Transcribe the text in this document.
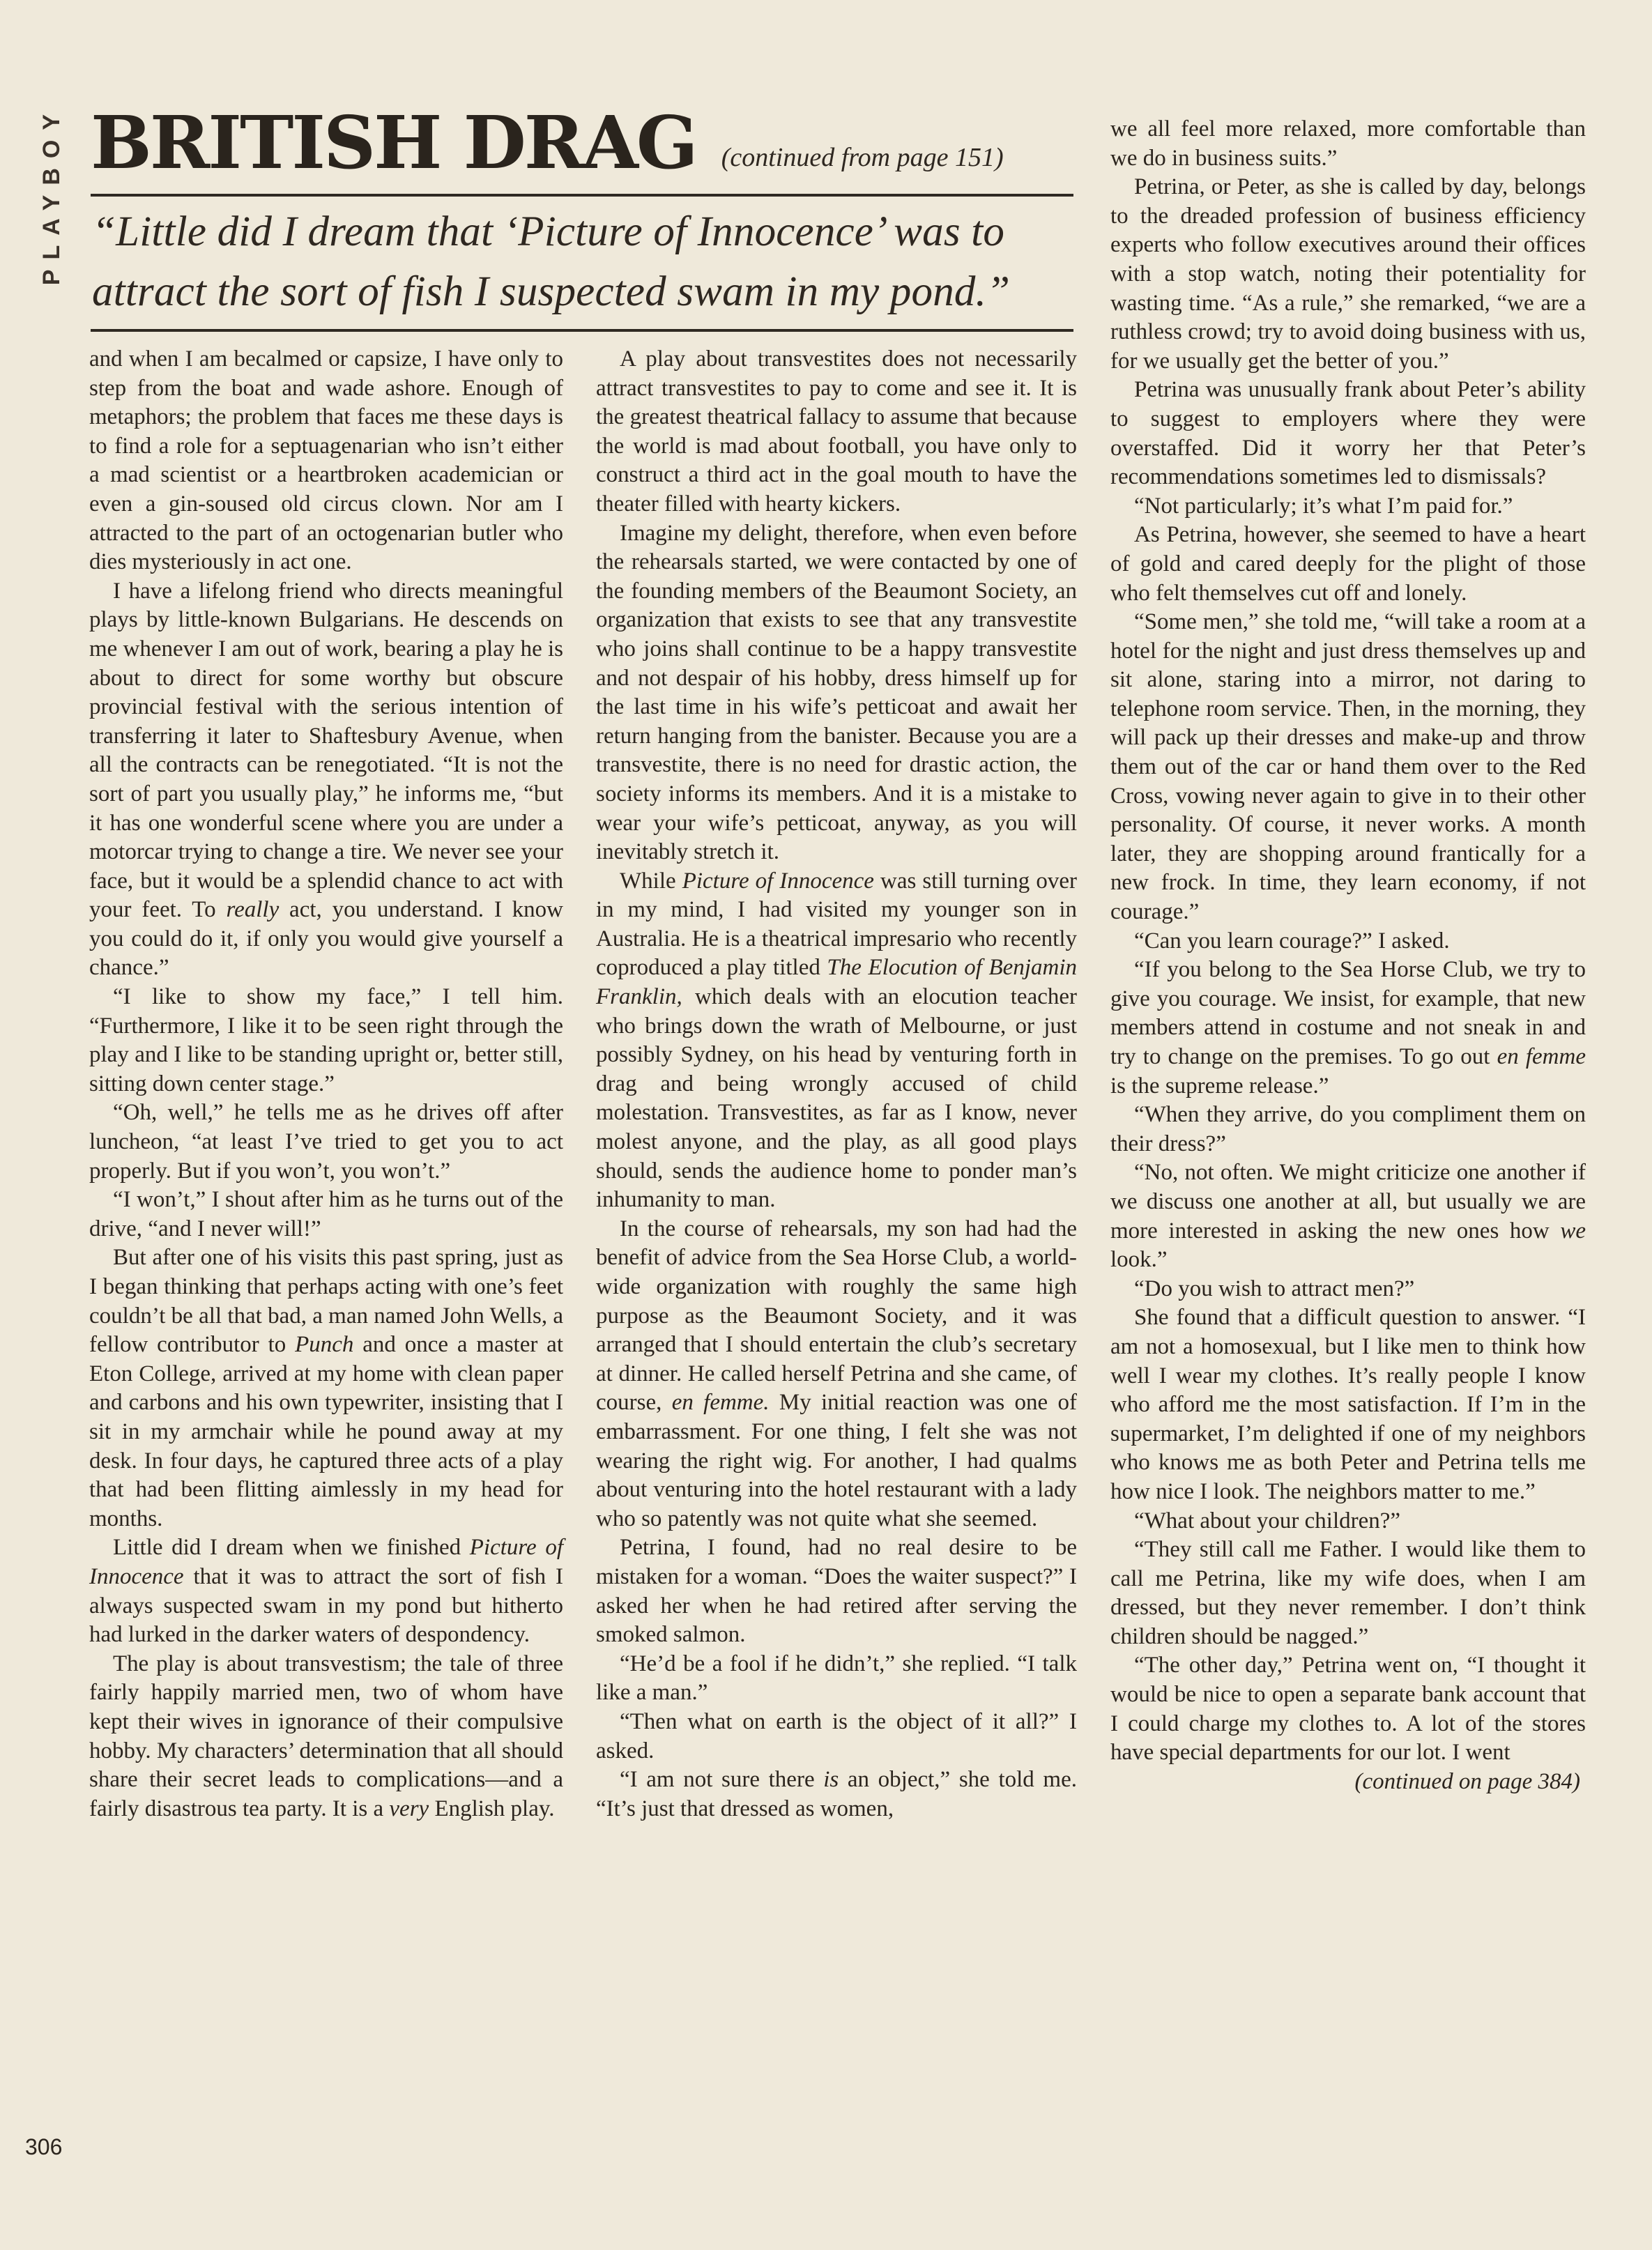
PLAYBOY BRITISH DRAG (continued from page 151)
“Little did I dream that ‘Picture of Innocence’ was to attract the sort of fish I suspected swam in my pond.”

and when I am becalmed or capsize, I have only to step from the boat and wade ashore. Enough of metaphors; the problem that faces me these days is to find a role for a septuagenarian who isn’t either a mad scientist or a heartbroken academician or even a gin-soused old circus clown. Nor am I attracted to the part of an octogenarian butler who dies mysteriously in act one.

I have a lifelong friend who directs meaningful plays by little-known Bulgarians. He descends on me whenever I am out of work, bearing a play he is about to direct for some worthy but obscure provincial festival with the serious intention of transferring it later to Shaftesbury Avenue, when all the contracts can be renegotiated. “It is not the sort of part you usually play,” he informs me, “but it has one wonderful scene where you are under a motorcar trying to change a tire. We never see your face, but it would be a splendid chance to act with your feet. To really act, you understand. I know you could do it, if only you would give yourself a chance.”

“I like to show my face,” I tell him. “Furthermore, I like it to be seen right through the play and I like to be standing upright or, better still, sitting down center stage.”

“Oh, well,” he tells me as he drives off after luncheon, “at least I’ve tried to get you to act properly. But if you won’t, you won’t.”

“I won’t,” I shout after him as he turns out of the drive, “and I never will!”

But after one of his visits this past spring, just as I began thinking that perhaps acting with one’s feet couldn’t be all that bad, a man named John Wells, a fellow contributor to Punch and once a master at Eton College, arrived at my home with clean paper and carbons and his own typewriter, insisting that I sit in my armchair while he pound away at my desk. In four days, he captured three acts of a play that had been flitting aimlessly in my head for months.

Little did I dream when we finished Picture of Innocence that it was to attract the sort of fish I always suspected swam in my pond but hitherto had lurked in the darker waters of despondency.

The play is about transvestism; the tale of three fairly happily married men, two of whom have kept their wives in ignorance of their compulsive hobby. My characters’ determination that all should share their secret leads to complications—and a fairly disastrous tea party. It is a very English play.

A play about transvestites does not necessarily attract transvestites to pay to come and see it. It is the greatest theatrical fallacy to assume that because the world is mad about football, you have only to construct a third act in the goal mouth to have the theater filled with hearty kickers.

Imagine my delight, therefore, when even before the rehearsals started, we were contacted by one of the founding members of the Beaumont Society, an organization that exists to see that any transvestite who joins shall continue to be a happy transvestite and not despair of his hobby, dress himself up for the last time in his wife’s petticoat and await her return hanging from the banister. Because you are a transvestite, there is no need for drastic action, the society informs its members. And it is a mistake to wear your wife’s petticoat, anyway, as you will inevitably stretch it.

While Picture of Innocence was still turning over in my mind, I had visited my younger son in Australia. He is a theatrical impresario who recently coproduced a play titled The Elocution of Benjamin Franklin, which deals with an elocution teacher who brings down the wrath of Melbourne, or just possibly Sydney, on his head by venturing forth in drag and being wrongly accused of child molestation. Transvestites, as far as I know, never molest anyone, and the play, as all good plays should, sends the audience home to ponder man’s inhumanity to man.

In the course of rehearsals, my son had had the benefit of advice from the Sea Horse Club, a world-wide organization with roughly the same high purpose as the Beaumont Society, and it was arranged that I should entertain the club’s secretary at dinner. He called herself Petrina and she came, of course, en femme. My initial reaction was one of embarrassment. For one thing, I felt she was not wearing the right wig. For another, I had qualms about venturing into the hotel restaurant with a lady who so patently was not quite what she seemed.

Petrina, I found, had no real desire to be mistaken for a woman. “Does the waiter suspect?” I asked her when he had retired after serving the smoked salmon.

“He’d be a fool if he didn’t,” she replied. “I talk like a man.”

“Then what on earth is the object of it all?” I asked.

“I am not sure there is an object,” she told me. “It’s just that dressed as women,

we all feel more relaxed, more comfortable than we do in business suits.”

Petrina, or Peter, as she is called by day, belongs to the dreaded profession of business efficiency experts who follow executives around their offices with a stop watch, noting their potentiality for wasting time. “As a rule,” she remarked, “we are a ruthless crowd; try to avoid doing business with us, for we usually get the better of you.”

Petrina was unusually frank about Peter’s ability to suggest to employers where they were overstaffed. Did it worry her that Peter’s recommendations sometimes led to dismissals?

“Not particularly; it’s what I’m paid for.”

As Petrina, however, she seemed to have a heart of gold and cared deeply for the plight of those who felt themselves cut off and lonely.

“Some men,” she told me, “will take a room at a hotel for the night and just dress themselves up and sit alone, staring into a mirror, not daring to telephone room service. Then, in the morning, they will pack up their dresses and make-up and throw them out of the car or hand them over to the Red Cross, vowing never again to give in to their other personality. Of course, it never works. A month later, they are shopping around frantically for a new frock. In time, they learn economy, if not courage.”

“Can you learn courage?” I asked.

“If you belong to the Sea Horse Club, we try to give you courage. We insist, for example, that new members attend in costume and not sneak in and try to change on the premises. To go out en femme is the supreme release.”

“When they arrive, do you compliment them on their dress?”

“No, not often. We might criticize one another if we discuss one another at all, but usually we are more interested in asking the new ones how we look.”

“Do you wish to attract men?”

She found that a difficult question to answer. “I am not a homosexual, but I like men to think how well I wear my clothes. It’s really people I know who afford me the most satisfaction. If I’m in the supermarket, I’m delighted if one of my neighbors who knows me as both Peter and Petrina tells me how nice I look. The neighbors matter to me.”

“What about your children?”

“They still call me Father. I would like them to call me Petrina, like my wife does, when I am dressed, but they never remember. I don’t think children should be nagged.”

“The other day,” Petrina went on, “I thought it would be nice to open a separate bank account that I could charge my clothes to. A lot of the stores have special departments for our lot. I went

(continued on page 384)

306
